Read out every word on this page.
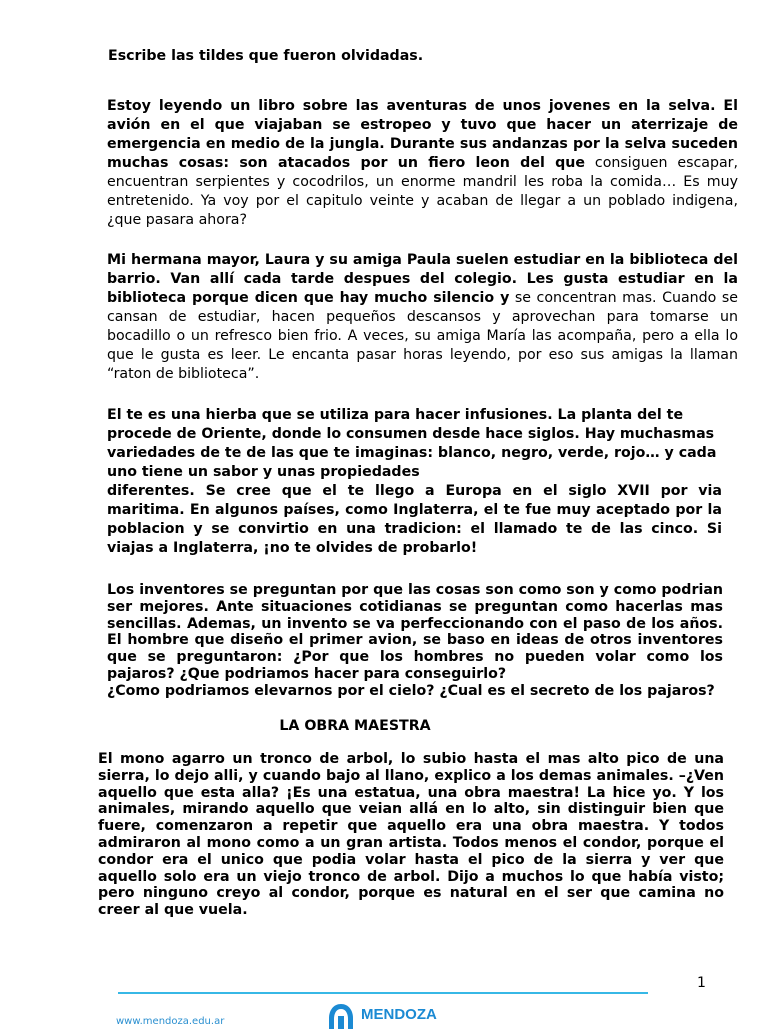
Escribe las tildes que fueron olvidadas.
Estoy leyendo un libro sobre las aventuras de unos jovenes en la selva. El avión en el que viajaban se estropeo y tuvo que hacer un aterrizaje de emergencia en medio de la jungla. Durante sus andanzas por la selva suceden muchas cosas: son atacados por un fiero leon del que consiguen escapar, encuentran serpientes y cocodrilos, un enorme mandril les roba la comida… Es muy entretenido. Ya voy por el capitulo veinte y acaban de llegar a un poblado indigena, ¿que pasara ahora?
Mi hermana mayor, Laura y su amiga Paula suelen estudiar en la biblioteca del barrio. Van allí cada tarde despues del colegio. Les gusta estudiar en la biblioteca porque dicen que hay mucho silencio y se concentran mas. Cuando se cansan de estudiar, hacen pequeños descansos y aprovechan para tomarse un bocadillo o un refresco bien frio. A veces, su amiga María las acompaña, pero a ella lo que le gusta es leer. Le encanta pasar horas leyendo, por eso sus amigas la llaman “raton de biblioteca”.
El te es una hierba que se utiliza para hacer infusiones. La planta del te procede de Oriente, donde lo consumen desde hace siglos. Hay muchasmas variedades de te de las que te imaginas: blanco, negro, verde, rojo… y cada uno tiene un sabor y unas propiedades
diferentes. Se cree que el te llego a Europa en el siglo XVII por via maritima. En algunos países, como Inglaterra, el te fue muy aceptado por la poblacion y se convirtio en una tradicion: el llamado te de las cinco. Si viajas a Inglaterra, ¡no te olvides de probarlo!
Los inventores se preguntan por que las cosas son como son y como podrian ser mejores. Ante situaciones cotidianas se preguntan como hacerlas mas sencillas. Ademas, un invento se va perfeccionando con el paso de los años. El hombre que diseño el primer avion, se baso en ideas de otros inventores que se preguntaron: ¿Por que los hombres no pueden volar como los pajaros? ¿Que podriamos hacer para conseguirlo?
¿Como podriamos elevarnos por el cielo? ¿Cual es el secreto de los pajaros?
LA OBRA MAESTRA
El mono agarro un tronco de arbol, lo subio hasta el mas alto pico de una sierra, lo dejo alli, y cuando bajo al llano, explico a los demas animales. –¿Ven aquello que esta alla? ¡Es una estatua, una obra maestra! La hice yo. Y los animales, mirando aquello que veian allá en lo alto, sin distinguir bien que fuere, comenzaron a repetir que aquello era una obra maestra. Y todos admiraron al mono como a un gran artista. Todos menos el condor, porque el condor era el unico que podia volar hasta el pico de la sierra y ver que aquello solo era un viejo tronco de arbol. Dijo a muchos lo que había visto; pero ninguno creyo al condor, porque es natural en el ser que camina no creer al que vuela.
1
www.mendoza.edu.ar	MENDOZA
